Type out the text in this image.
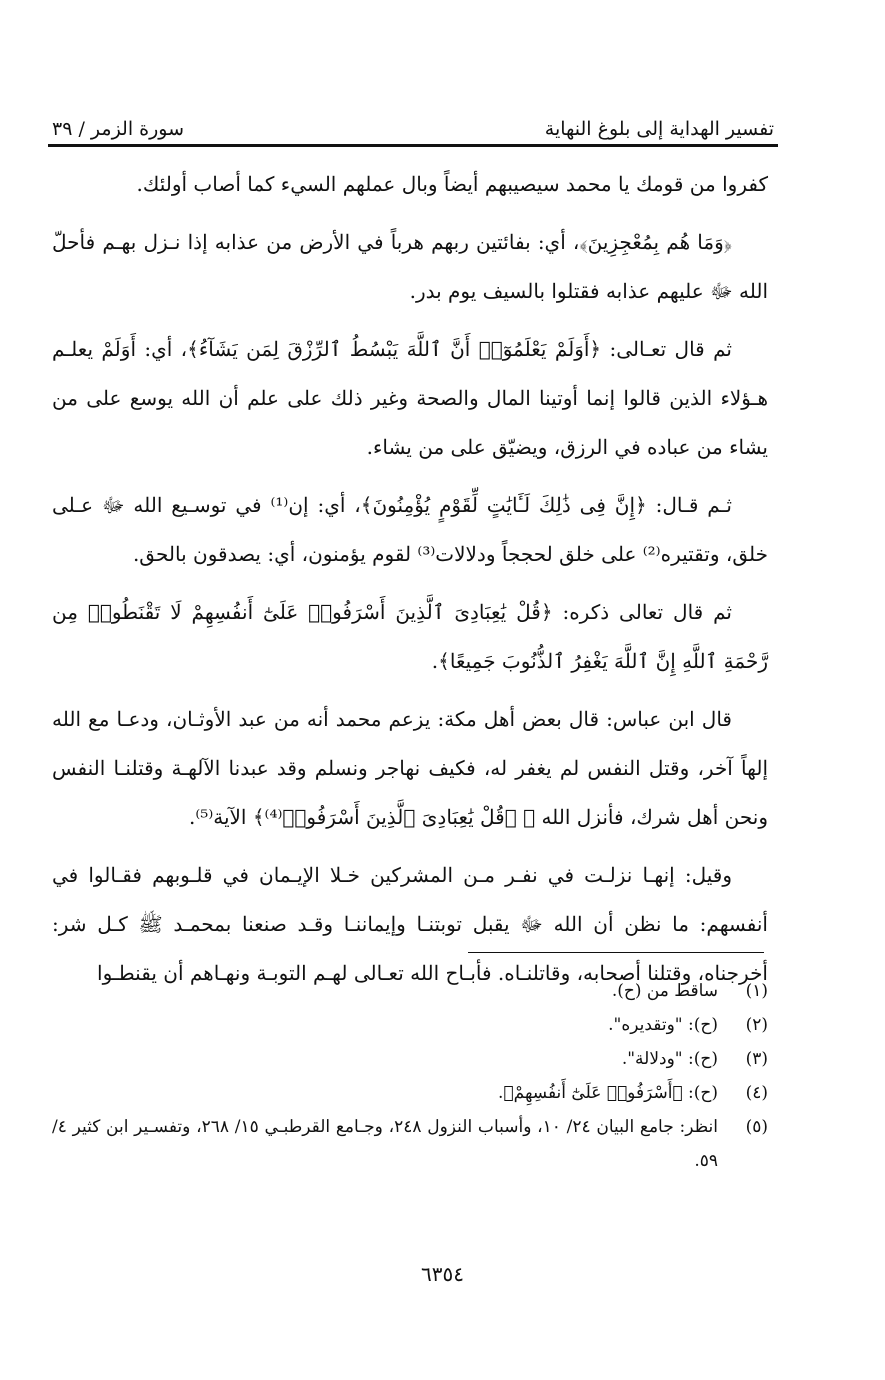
تفسير الهداية إلى بلوغ النهاية
سورة الزمر / ٣٩

كفروا من قومك يا محمد سيصيبهم أيضاً وبال عملهم السيء كما أصاب أولئك.

﴿وَمَا هُم بِمُعْجِزِينَ﴾، أي: بفائتين ربهم هرباً في الأرض من عذابه إذا نـزل بهـم فأحلّ الله ﷻ عليهم عذابه فقتلوا بالسيف يوم بدر.

ثم قال تعـالى: ﴿أَوَلَمْ يَعْلَمُوٓا۟ أَنَّ ٱللَّهَ يَبْسُطُ ٱلرِّزْقَ لِمَن يَشَآءُ﴾، أي: أَوَلَمْ يعلـم هـؤلاء الذين قالوا إنما أوتينا المال والصحة وغير ذلك على علم أن الله يوسع على من يشاء من عباده في الرزق، ويضيّق على من يشاء.

ثـم قـال: ﴿إِنَّ فِى ذَٰلِكَ لَـَٔايَٰتٍ لِّقَوْمٍ يُؤْمِنُونَ﴾، أي: إن⁽¹⁾ في توسـيع الله ﷻ عـلى خلق، وتقتيره⁽²⁾ على خلق لحججاً ودلالات⁽³⁾ لقوم يؤمنون، أي: يصدقون بالحق.

ثم قال تعالى ذكره: ﴿قُلْ يَٰعِبَادِىَ ٱلَّذِينَ أَسْرَفُوا۟ عَلَىٰٓ أَنفُسِهِمْ لَا تَقْنَطُوا۟ مِن رَّحْمَةِ ٱللَّهِ إِنَّ ٱللَّهَ يَغْفِرُ ٱلذُّنُوبَ جَمِيعًا﴾.

قال ابن عباس: قال بعض أهل مكة: يزعم محمد أنه من عبد الأوثـان، ودعـا مع الله إلهاً آخر، وقتل النفس لم يغفر له، فكيف نهاجر ونسلم وقد عبدنا الآلهـة وقتلنـا النفس ونحن أهل شرك، فأنزل الله ﷻ ﴿قُلْ يَٰعِبَادِىَ ٱلَّذِينَ أَسْرَفُوا۟⁽⁴⁾﴾ الآية⁽⁵⁾.

وقيل: إنهـا نزلـت في نفـر مـن المشركين خـلا الإيـمان في قلـوبهم فقـالوا في أنفسهم: ما نظن أن الله ﷻ يقبل توبتنـا وإيماننـا وقـد صنعنا بمحمـد ﷺ كـل شر: أخرجناه، وقتلنا أصحابه، وقاتلنـاه. فأبـاح الله تعـالى لهـم التوبـة ونهـاهم أن يقنطـوا

(١)
ساقط من (ح).
(٢)
(ح): "وتقديره".
(٣)
(ح): "ودلالة".
(٤)
(ح): ﴿أَسْرَفُوا۟ عَلَىٰٓ أَنفُسِهِمْ﴾.
(٥)
انظر: جامع البيان ٢٤/ ١٠، وأسباب النزول ٢٤٨، وجـامع القرطبـي ١٥/ ٢٦٨، وتفسـير ابن كثير ٤/ ٥٩.
٦٣٥٤
